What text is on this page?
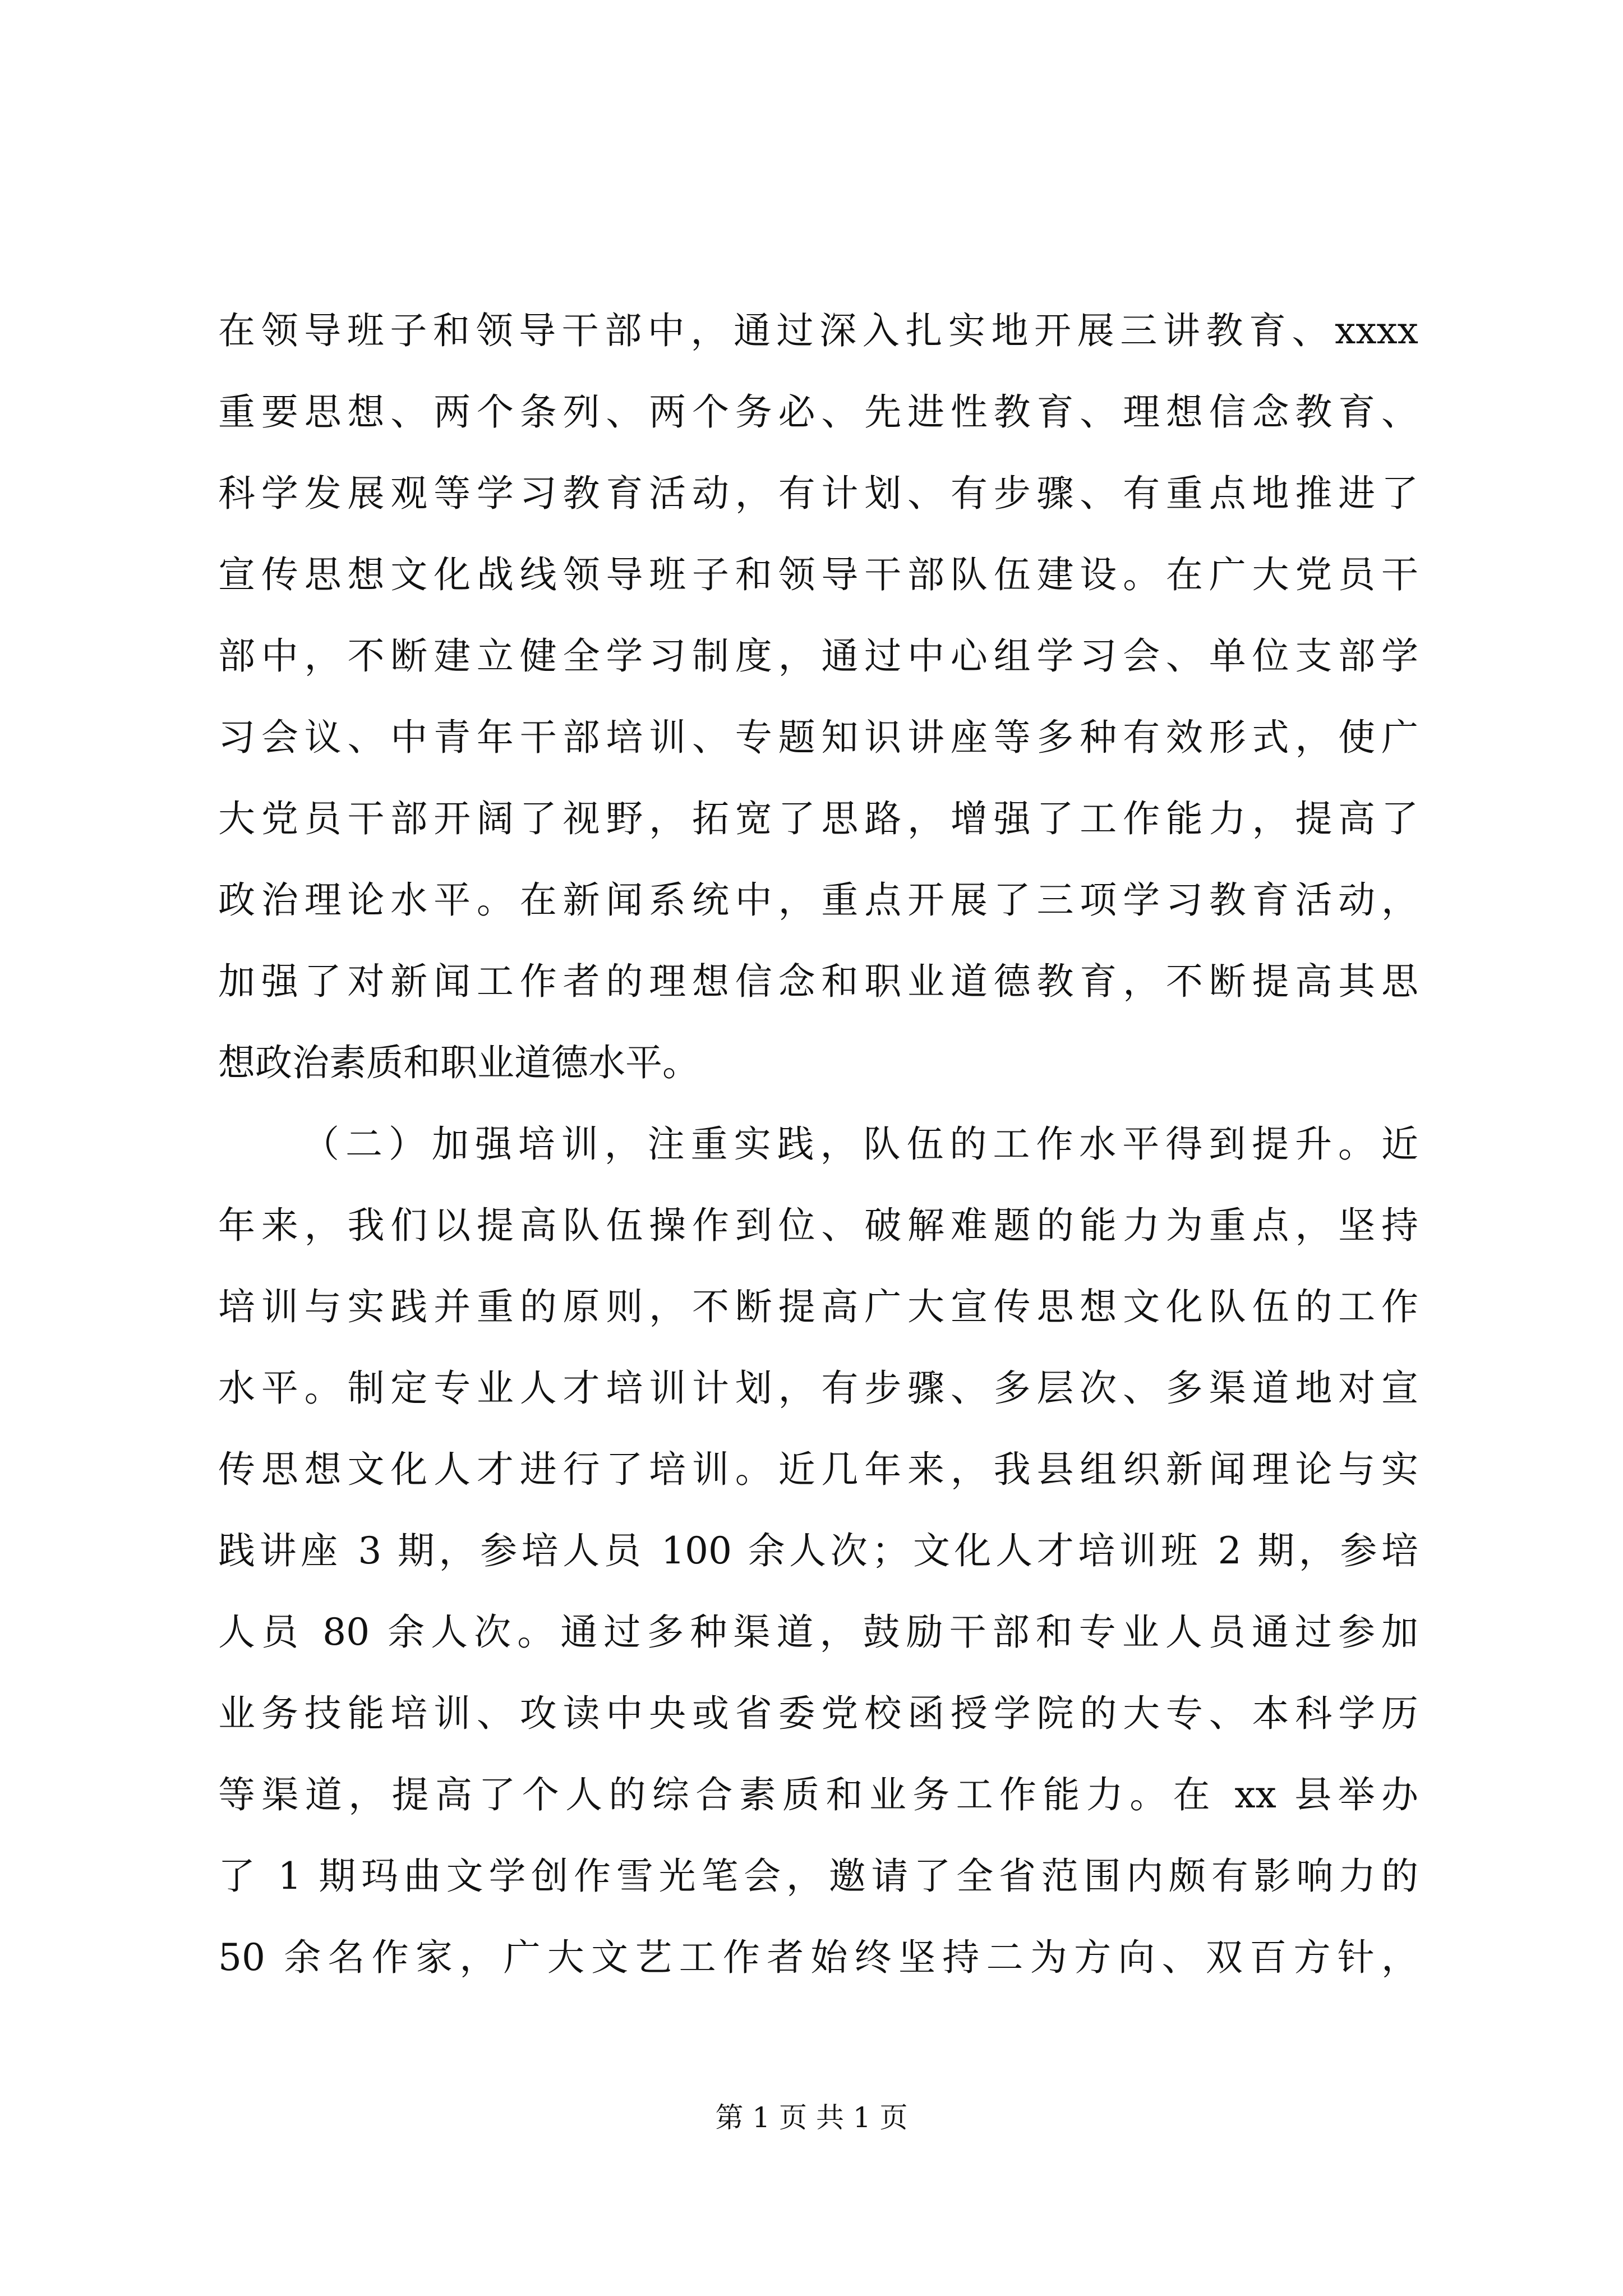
在领导班子和领导干部中，通过深入扎实地开展三讲教育、xxxx
重要思想、两个条列、两个务必、先进性教育、理想信念教育、
科学发展观等学习教育活动，有计划、有步骤、有重点地推进了
宣传思想文化战线领导班子和领导干部队伍建设。在广大党员干
部中，不断建立健全学习制度，通过中心组学习会、单位支部学
习会议、中青年干部培训、专题知识讲座等多种有效形式，使广
大党员干部开阔了视野，拓宽了思路，增强了工作能力，提高了
政治理论水平。在新闻系统中，重点开展了三项学习教育活动，
加强了对新闻工作者的理想信念和职业道德教育，不断提高其思
想政治素质和职业道德水平。
（二）加强培训，注重实践，队伍的工作水平得到提升。近
年来，我们以提高队伍操作到位、破解难题的能力为重点，坚持
培训与实践并重的原则，不断提高广大宣传思想文化队伍的工作
水平。制定专业人才培训计划，有步骤、多层次、多渠道地对宣
传思想文化人才进行了培训。近几年来，我县组织新闻理论与实
践讲座 3 期，参培人员 100 余人次；文化人才培训班 2 期，参培
人员 80 余人次。通过多种渠道，鼓励干部和专业人员通过参加
业务技能培训、攻读中央或省委党校函授学院的大专、本科学历
等渠道，提高了个人的综合素质和业务工作能力。在 xx 县举办
了 1 期玛曲文学创作雪光笔会，邀请了全省范围内颇有影响力的
50 余名作家，广大文艺工作者始终坚持二为方向、双百方针，
第 1 页 共 1 页
